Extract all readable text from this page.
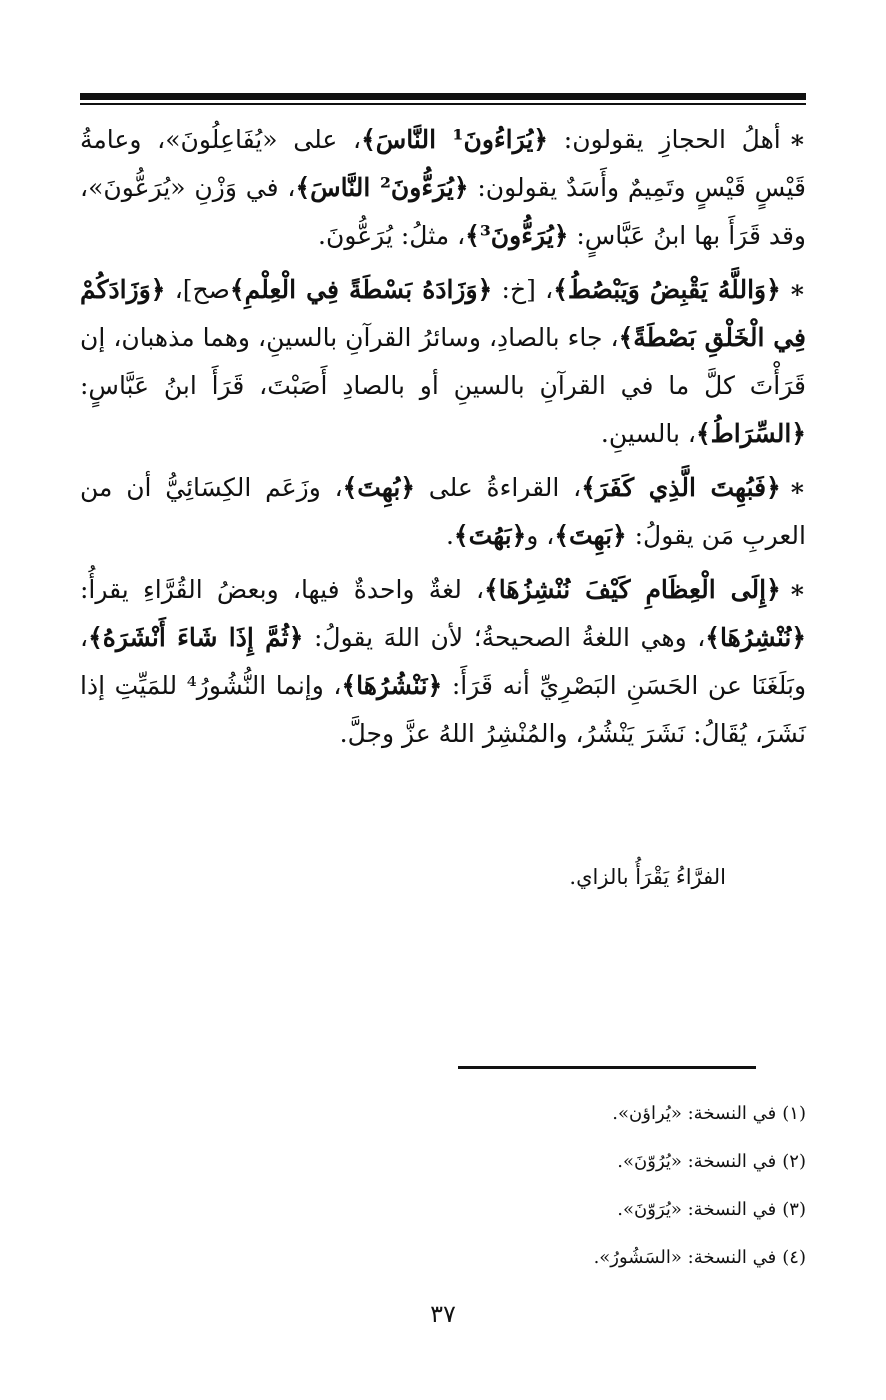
∗أهلُ الحجازِ يقولون: ﴿يُرَاءُونَ¹ النَّاسَ﴾، على «يُفَاعِلُونَ»، وعامةُ قَيْسٍ قَيْسٍ وتَمِيمٌ وأَسَدٌ يقولون: ﴿يُرَءُّونَ² النَّاسَ﴾، في وَزْنِ «يُرَعُّونَ»، وقد قَرَأَ بها ابنُ عَبَّاسٍ: ﴿يُرَءُّونَ³﴾، مثلُ: يُرَعُّونَ.

∗﴿وَاللَّهُ يَقْبِضُ وَيَبْصُطُ﴾، [خ: ﴿وَزَادَهُ بَسْطَةً فِي الْعِلْمِ﴾صح]، ﴿وَزَادَكُمْ فِي الْخَلْقِ بَصْطَةً﴾، جاء بالصادِ، وسائرُ القرآنِ بالسينِ، وهما مذهبان، إن قَرَأْتَ كلَّ ما في القرآنِ بالسينِ أو بالصادِ أَصَبْتَ، قَرَأَ ابنُ عَبَّاسٍ: ﴿السِّرَاطُ﴾، بالسينِ.

∗﴿فَبُهِتَ الَّذِي كَفَرَ﴾، القراءةُ على ﴿بُهِتَ﴾، وزَعَم الكِسَائِيُّ أن من العربِ مَن يقولُ: ﴿بَهِتَ﴾، و﴿بَهُتَ﴾.

∗﴿إِلَى الْعِظَامِ كَيْفَ نُنْشِزُهَا﴾، لغةٌ واحدةٌ فيها، وبعضُ القُرَّاءِ يقرأُ: ﴿نُنْشِرُهَا﴾، وهي اللغةُ الصحيحةُ؛ لأن اللهَ يقولُ: ﴿ثُمَّ إِذَا شَاءَ أَنْشَرَهُ﴾، وبَلَغَنَا عن الحَسَنِ البَصْرِيِّ أنه قَرَأَ: ﴿نَنْشُرُهَا﴾، وإنما النُّشُورُ⁴ للمَيِّتِ إذا نَشَرَ، يُقَالُ: نَشَرَ يَنْشُرُ، والمُنْشِرُ اللهُ عزَّ وجلَّ.

الفرَّاءُ يَقْرَأُ بالزاي.
(١)في النسخة: «يُراؤن».
(٢)في النسخة: «يُرُوّنَ».
(٣)في النسخة: «يُرَوّنَ».
(٤)في النسخة: «السَشُورُ».
٣٧
